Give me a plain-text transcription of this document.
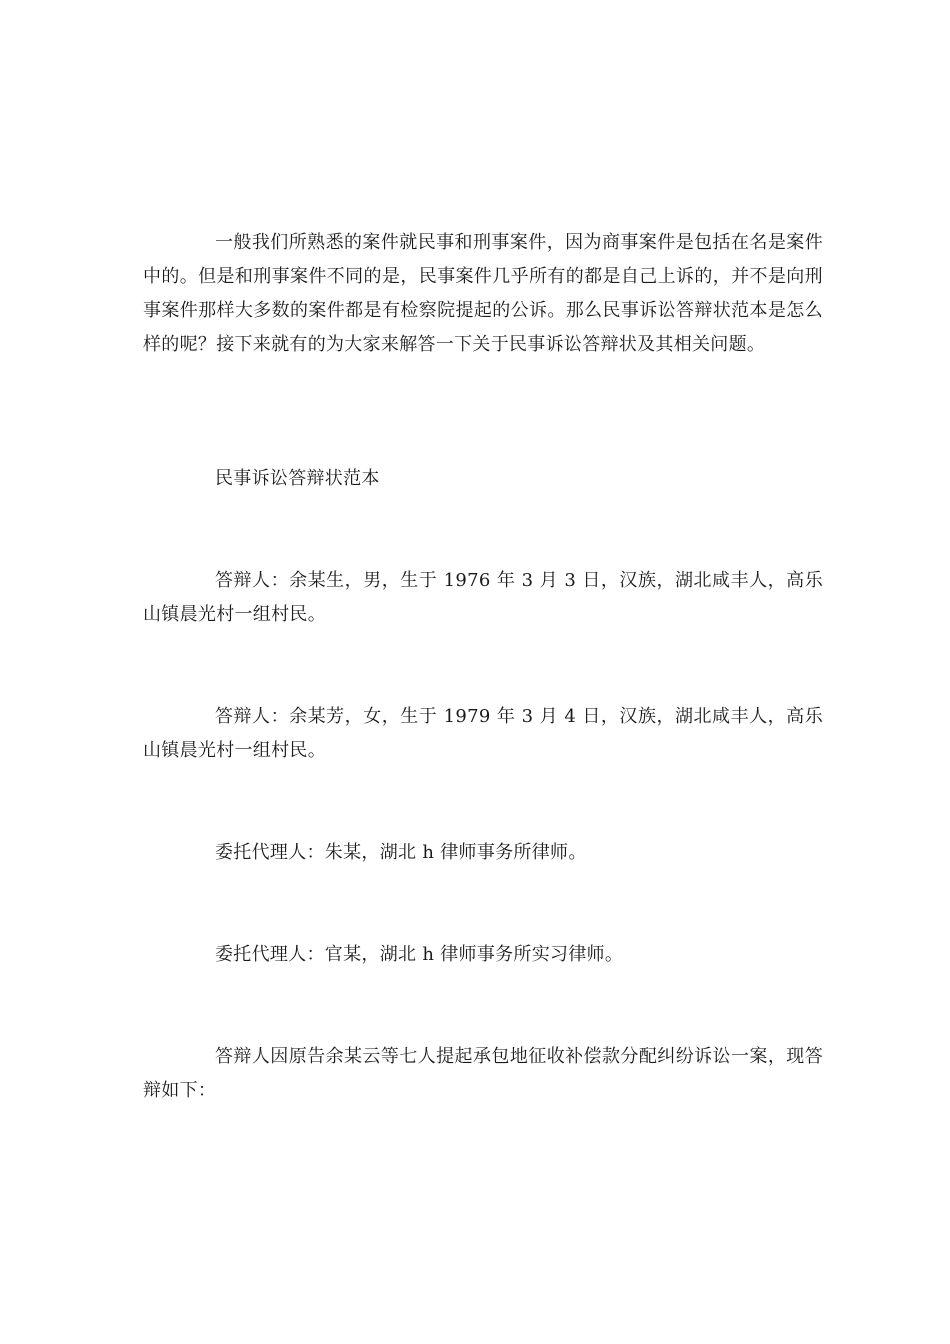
一般我们所熟悉的案件就民事和刑事案件，因为商事案件是包括在名是案件中的。但是和刑事案件不同的是，民事案件几乎所有的都是自己上诉的，并不是向刑事案件那样大多数的案件都是有检察院提起的公诉。那么民事诉讼答辩状范本是怎么样的呢？接下来就有的为大家来解答一下关于民事诉讼答辩状及其相关问题。

民事诉讼答辩状范本

答辩人：余某生，男，生于 1976 年 3 月 3 日，汉族，湖北咸丰人，高乐山镇晨光村一组村民。

答辩人：余某芳，女，生于 1979 年 3 月 4 日，汉族，湖北咸丰人，高乐山镇晨光村一组村民。

委托代理人：朱某，湖北 h 律师事务所律师。

委托代理人：官某，湖北 h 律师事务所实习律师。

答辩人因原告余某云等七人提起承包地征收补偿款分配纠纷诉讼一案，现答辩如下：
